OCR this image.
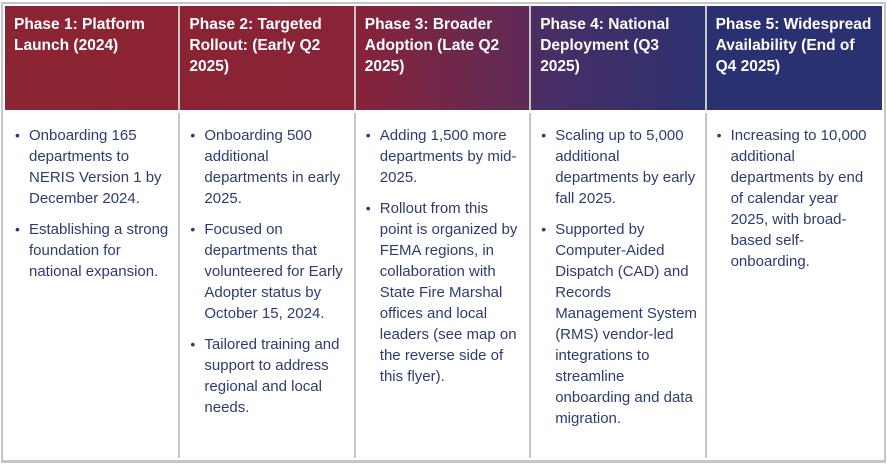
Phase 1: Platform Launch (2024)
Phase 2: Targeted Rollout: (Early Q2 2025)
Phase 3: Broader Adoption (Late Q2 2025)
Phase 4: National Deployment (Q3 2025)
Phase 5: Widespread Availability (End of Q4 2025)
• Onboarding 165 departments to NERIS Version 1 by December 2024.
• Establishing a strong foundation for national expansion.
• Onboarding 500 additional departments in early 2025.
• Focused on departments that volunteered for Early Adopter status by October 15, 2024.
• Tailored training and support to address regional and local needs.
• Adding 1,500 more departments by mid-2025.
• Rollout from this point is organized by FEMA regions, in collaboration with State Fire Marshal offices and local leaders (see map on the reverse side of this flyer).
• Scaling up to 5,000 additional departments by early fall 2025.
• Supported by Computer-Aided Dispatch (CAD) and Records Management System (RMS) vendor-led integrations to streamline onboarding and data migration.
• Increasing to 10,000 additional departments by end of calendar year 2025, with broad-based self-onboarding.
